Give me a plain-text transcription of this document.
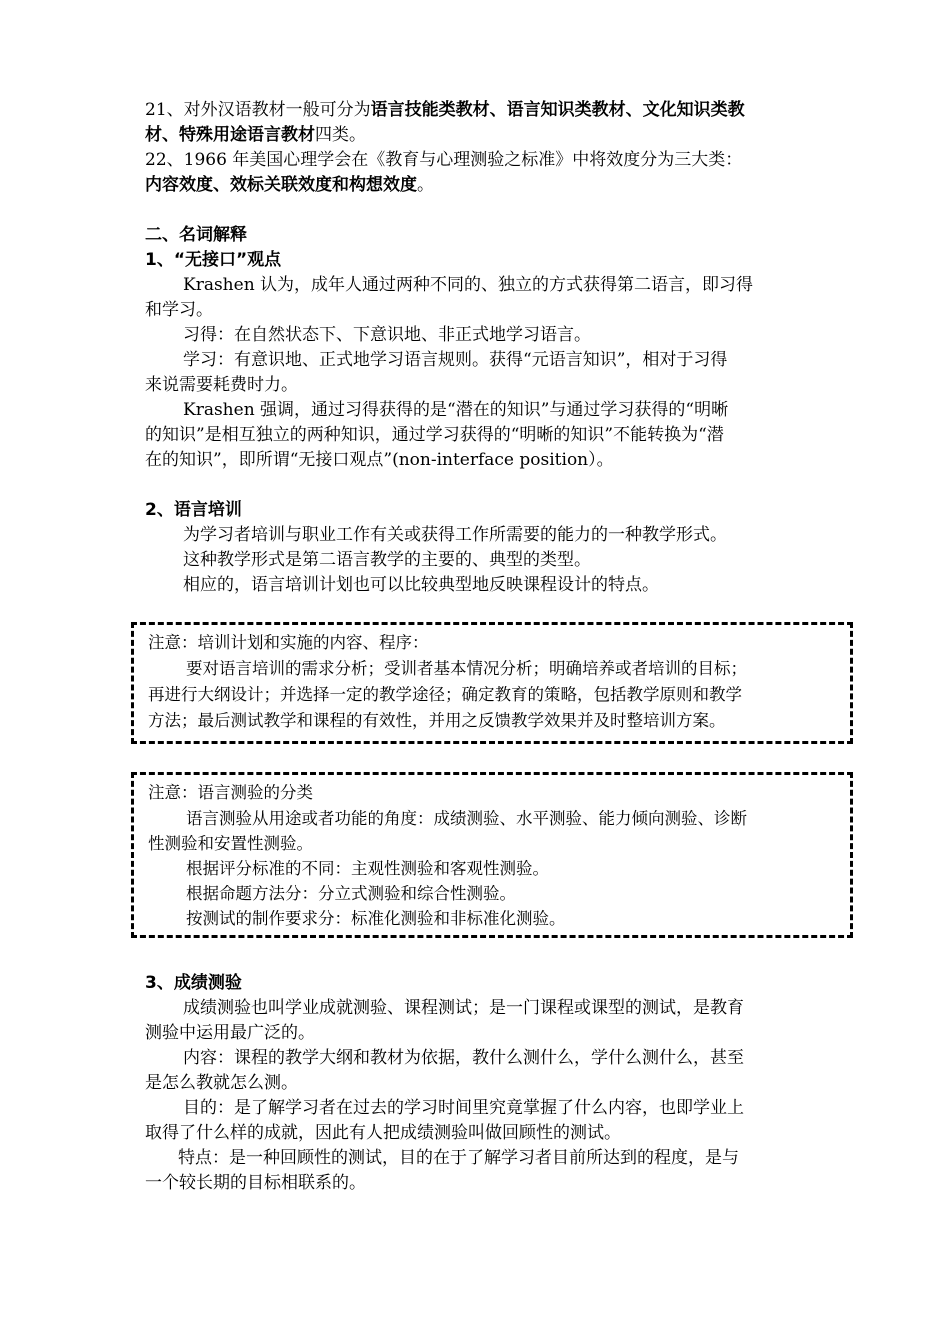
21、对外汉语教材一般可分为语言技能类教材、语言知识类教材、文化知识类教
材、特殊用途语言教材四类。
22、1966 年美国心理学会在《教育与心理测验之标准》中将效度分为三大类：
内容效度、效标关联效度和构想效度。
二、名词解释
1、“无接口”观点
Krashen 认为，成年人通过两种不同的、独立的方式获得第二语言，即习得
和学习。
习得：在自然状态下、下意识地、非正式地学习语言。
学习：有意识地、正式地学习语言规则。获得“元语言知识”，相对于习得
来说需要耗费时力。
Krashen 强调，通过习得获得的是“潜在的知识”与通过学习获得的“明晰
的知识”是相互独立的两种知识，通过学习获得的“明晰的知识”不能转换为“潜
在的知识”，即所谓“无接口观点”(non-interface position）。
2、语言培训
为学习者培训与职业工作有关或获得工作所需要的能力的一种教学形式。
这种教学形式是第二语言教学的主要的、典型的类型。
相应的，语言培训计划也可以比较典型地反映课程设计的特点。
注意：培训计划和实施的内容、程序：
要对语言培训的需求分析；受训者基本情况分析；明确培养或者培训的目标；
再进行大纲设计；并选择一定的教学途径；确定教育的策略，包括教学原则和教学
方法；最后测试教学和课程的有效性，并用之反馈教学效果并及时整培训方案。
注意：语言测验的分类
语言测验从用途或者功能的角度：成绩测验、水平测验、能力倾向测验、诊断
性测验和安置性测验。
根据评分标准的不同：主观性测验和客观性测验。
根据命题方法分：分立式测验和综合性测验。
按测试的制作要求分：标准化测验和非标准化测验。
3、成绩测验
成绩测验也叫学业成就测验、课程测试；是一门课程或课型的测试，是教育
测验中运用最广泛的。
内容：课程的教学大纲和教材为依据，教什么测什么，学什么测什么，甚至
是怎么教就怎么测。
目的：是了解学习者在过去的学习时间里究竟掌握了什么内容，也即学业上
取得了什么样的成就，因此有人把成绩测验叫做回顾性的测试。
特点：是一种回顾性的测试，目的在于了解学习者目前所达到的程度，是与
一个较长期的目标相联系的。
